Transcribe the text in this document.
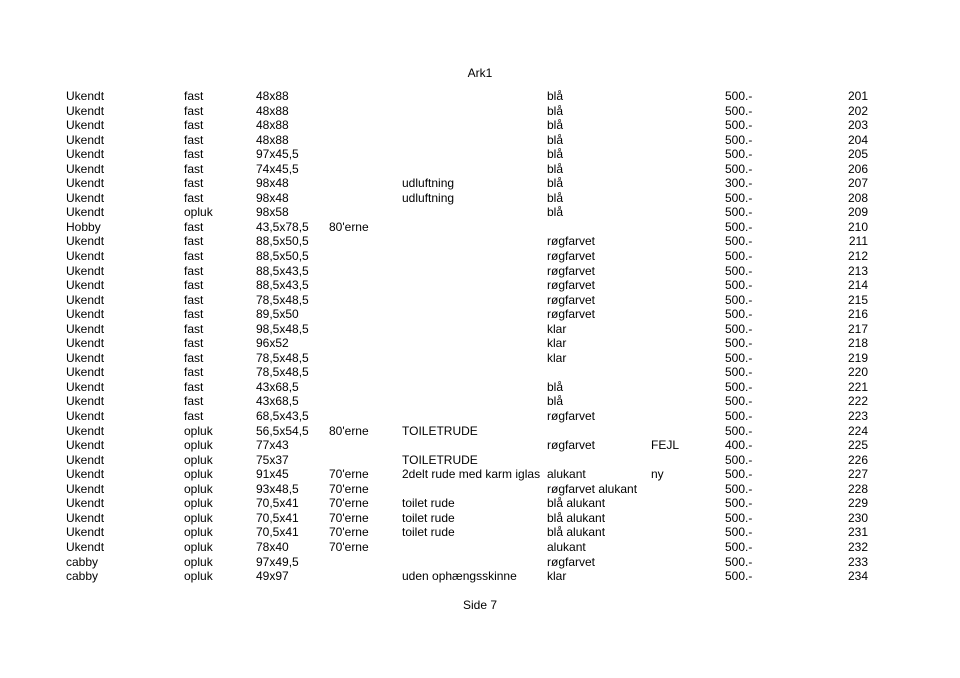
Ark1
Ukendt	fast	48x88	blå	500.-	201
Ukendt	fast	48x88	blå	500.-	202
Ukendt	fast	48x88	blå	500.-	203
Ukendt	fast	48x88	blå	500.-	204
Ukendt	fast	97x45,5	blå	500.-	205
Ukendt	fast	74x45,5	blå	500.-	206
Ukendt	fast	98x48	udluftning	blå	300.-	207
Ukendt	fast	98x48	udluftning	blå	500.-	208
Ukendt	opluk	98x58	blå	500.-	209
Hobby	fast	43,5x78,5 80'erne	500.-	210
Ukendt	fast	88,5x50,5	røgfarvet	500.-	211
Ukendt	fast	88,5x50,5	røgfarvet	500.-	212
Ukendt	fast	88,5x43,5	røgfarvet	500.-	213
Ukendt	fast	88,5x43,5	røgfarvet	500.-	214
Ukendt	fast	78,5x48,5	røgfarvet	500.-	215
Ukendt	fast	89,5x50	røgfarvet	500.-	216
Ukendt	fast	98,5x48,5	klar	500.-	217
Ukendt	fast	96x52	klar	500.-	218
Ukendt	fast	78,5x48,5	klar	500.-	219
Ukendt	fast	78,5x48,5	500.-	220
Ukendt	fast	43x68,5	blå	500.-	221
Ukendt	fast	43x68,5	blå	500.-	222
Ukendt	fast	68,5x43,5	røgfarvet	500.-	223
Ukendt	opluk	56,5x54,5 80'erne	TOILETRUDE	500.-	224
Ukendt	opluk	77x43	røgfarvet	FEJL	400.-	225
Ukendt	opluk	75x37	TOILETRUDE	500.-	226
Ukendt	opluk	91x45	70'erne	2delt rude med karm iglas alukant	ny	500.-	227
Ukendt	opluk	93x48,5	70'erne	røgfarvet alukant	500.-	228
Ukendt	opluk	70,5x41	70'erne	toilet rude	blå alukant	500.-	229
Ukendt	opluk	70,5x41	70'erne	toilet rude	blå alukant	500.-	230
Ukendt	opluk	70,5x41	70'erne	toilet rude	blå alukant	500.-	231
Ukendt	opluk	78x40	70'erne	alukant	500.-	232
cabby	opluk	97x49,5	røgfarvet	500.-	233
cabby	opluk	49x97	uden ophængsskinne	klar	500.-	234
Side 7
